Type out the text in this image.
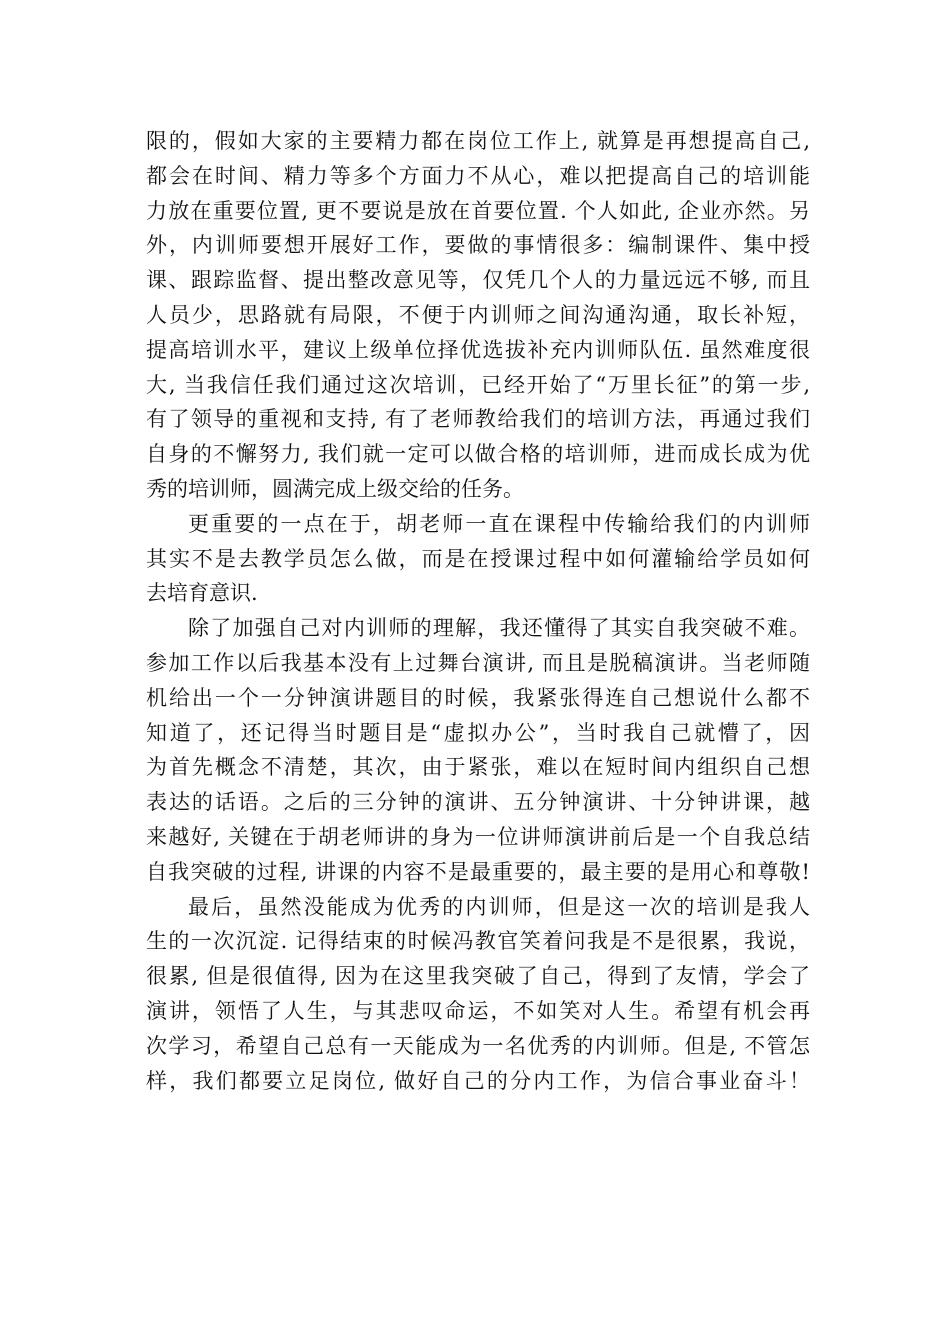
限的，假如大家的主要精力都在岗位工作上, 就算是再想提高自己,
都会在时间、精力等多个方面力不从心，难以把提高自己的培训能
力放在重要位置, 更不要说是放在首要位置. 个人如此, 企业亦然。另
外，内训师要想开展好工作，要做的事情很多：编制课件、集中授
课、跟踪监督、提出整改意见等，仅凭几个人的力量远远不够, 而且
人员少，思路就有局限，不便于内训师之间沟通沟通，取长补短，
提高培训水平，建议上级单位择优选拔补充内训师队伍. 虽然难度很
大, 当我信任我们通过这次培训，已经开始了“万里长征”的第一步,
有了领导的重视和支持, 有了老师教给我们的培训方法，再通过我们
自身的不懈努力, 我们就一定可以做合格的培训师，进而成长成为优
秀的培训师，圆满完成上级交给的任务。
更重要的一点在于，胡老师一直在课程中传输给我们的内训师
其实不是去教学员怎么做，而是在授课过程中如何灌输给学员如何
去培育意识.
除了加强自己对内训师的理解，我还懂得了其实自我突破不难。
参加工作以后我基本没有上过舞台演讲, 而且是脱稿演讲。当老师随
机给出一个一分钟演讲题目的时候，我紧张得连自己想说什么都不
知道了，还记得当时题目是“虚拟办公”，当时我自己就懵了，因
为首先概念不清楚，其次，由于紧张，难以在短时间内组织自己想
表达的话语。之后的三分钟的演讲、五分钟演讲、十分钟讲课，越
来越好, 关键在于胡老师讲的身为一位讲师演讲前后是一个自我总结
自我突破的过程, 讲课的内容不是最重要的，最主要的是用心和尊敬!
最后，虽然没能成为优秀的内训师，但是这一次的培训是我人
生的一次沉淀. 记得结束的时候冯教官笑着问我是不是很累，我说，
很累, 但是很值得, 因为在这里我突破了自己，得到了友情，学会了
演讲，领悟了人生，与其悲叹命运，不如笑对人生。希望有机会再
次学习，希望自己总有一天能成为一名优秀的内训师。但是, 不管怎
样，我们都要立足岗位, 做好自己的分内工作，为信合事业奋斗！
